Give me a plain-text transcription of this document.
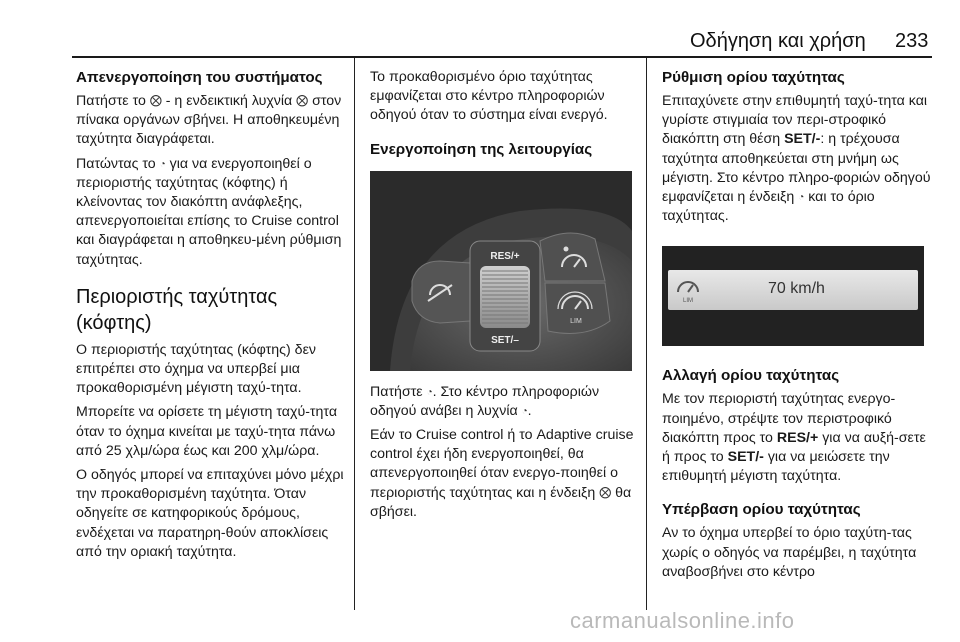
Οδήγηση και χρήση 233
Απενεργοποίηση του συστήματος

Πατήστε το ⨂ - η ενδεικτική λυχνία ⨂ στον πίνακα οργάνων σβήνει. Η αποθηκευμένη ταχύτητα διαγράφεται.

Πατώντας το ◔ για να ενεργοποιηθεί ο περιοριστής ταχύτητας (κόφτης) ή κλείνοντας τον διακόπτη ανάφλεξης, απενεργοποιείται επίσης το Cruise control και διαγράφεται η αποθηκευ‐μένη ρύθμιση ταχύτητας.

Περιοριστής ταχύτητας (κόφτης)

Ο περιοριστής ταχύτητας (κόφτης) δεν επιτρέπει στο όχημα να υπερβεί μια προκαθορισμένη μέγιστη ταχύ‐τητα.

Μπορείτε να ορίσετε τη μέγιστη ταχύ‐τητα όταν το όχημα κινείται με ταχύ‐τητα πάνω από 25 χλμ/ώρα έως και 200 χλμ/ώρα.

Ο οδηγός μπορεί να επιταχύνει μόνο μέχρι την προκαθορισμένη ταχύτητα. Όταν οδηγείτε σε κατηφορικούς δρόμους, ενδέχεται να παρατηρη‐θούν αποκλίσεις από την οριακή ταχύτητα.

Το προκαθορισμένο όριο ταχύτητας εμφανίζεται στο κέντρο πληροφοριών οδηγού όταν το σύστημα είναι ενεργό.

Ενεργοποίηση της λειτουργίας
RES/+
SET/–
LIM

Πατήστε ◔. Στο κέντρο πληροφοριών οδηγού ανάβει η λυχνία ◔.

Εάν το Cruise control ή το Adaptive cruise control έχει ήδη ενεργοποιηθεί, θα απενεργοποιηθεί όταν ενεργο‐ποιηθεί ο περιοριστής ταχύτητας και η ένδειξη ⨂ θα σβήσει.

Ρύθμιση ορίου ταχύτητας

Επιταχύνετε στην επιθυμητή ταχύ‐τητα και γυρίστε στιγμιαία τον περι‐στροφικό διακόπτη στη θέση SET/-: η τρέχουσα ταχύτητα αποθηκεύεται στη μνήμη ως μέγιστη. Στο κέντρο πληρο‐φοριών οδηγού εμφανίζεται η ένδειξη ◔ και το όριο ταχύτητας.

LIM
70 km/h
Αλλαγή ορίου ταχύτητας

Με τον περιοριστή ταχύτητας ενεργο‐ποιημένο, στρέψτε τον περιστροφικό διακόπτη προς το RES/+ για να αυξή‐σετε ή προς το SET/- για να μειώσετε την επιθυμητή μέγιστη ταχύτητα.

Υπέρβαση ορίου ταχύτητας

Αν το όχημα υπερβεί το όριο ταχύτη‐τας χωρίς ο οδηγός να παρέμβει, η ταχύτητα αναβοσβήνει στο κέντρο

carmanualsonline.info
